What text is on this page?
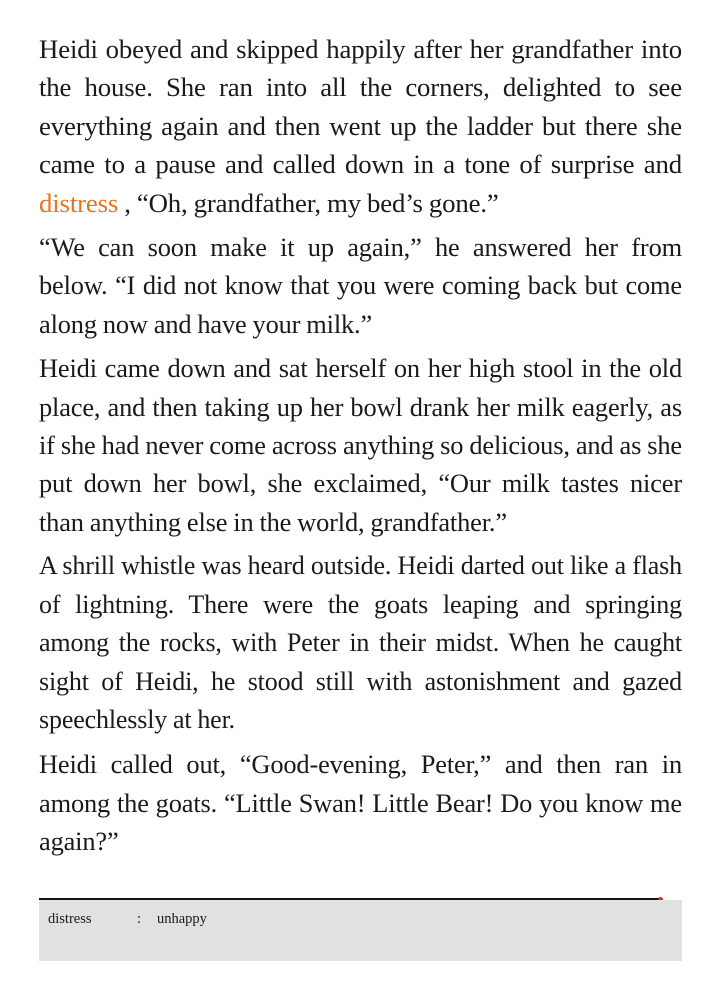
Heidi obeyed and skipped happily after her grandfather into the house. She ran into all the corners, delighted to see everything again and then went up the ladder but there she came to a pause and called down in a tone of surprise and distress , “Oh, grandfather, my bed’s gone.”

“We can soon make it up again,” he answered her from below. “I did not know that you were coming back but come along now and have your milk.”

Heidi came down and sat herself on her high stool in the old place, and then taking up her bowl drank her milk eagerly, as if she had never come across anything so delicious, and as she put down her bowl, she exclaimed, “Our milk tastes nicer than anything else in the world, grandfather.”

A shrill whistle was heard outside. Heidi darted out like a flash of lightning. There were the goats leaping and springing among the rocks, with Peter in their midst. When he caught sight of Heidi, he stood still with astonishment and gazed speechlessly at her.

Heidi called out, “Good-evening, Peter,” and then ran in among the goats. “Little Swan! Little Bear! Do you know me again?”

distress	: unhappy
